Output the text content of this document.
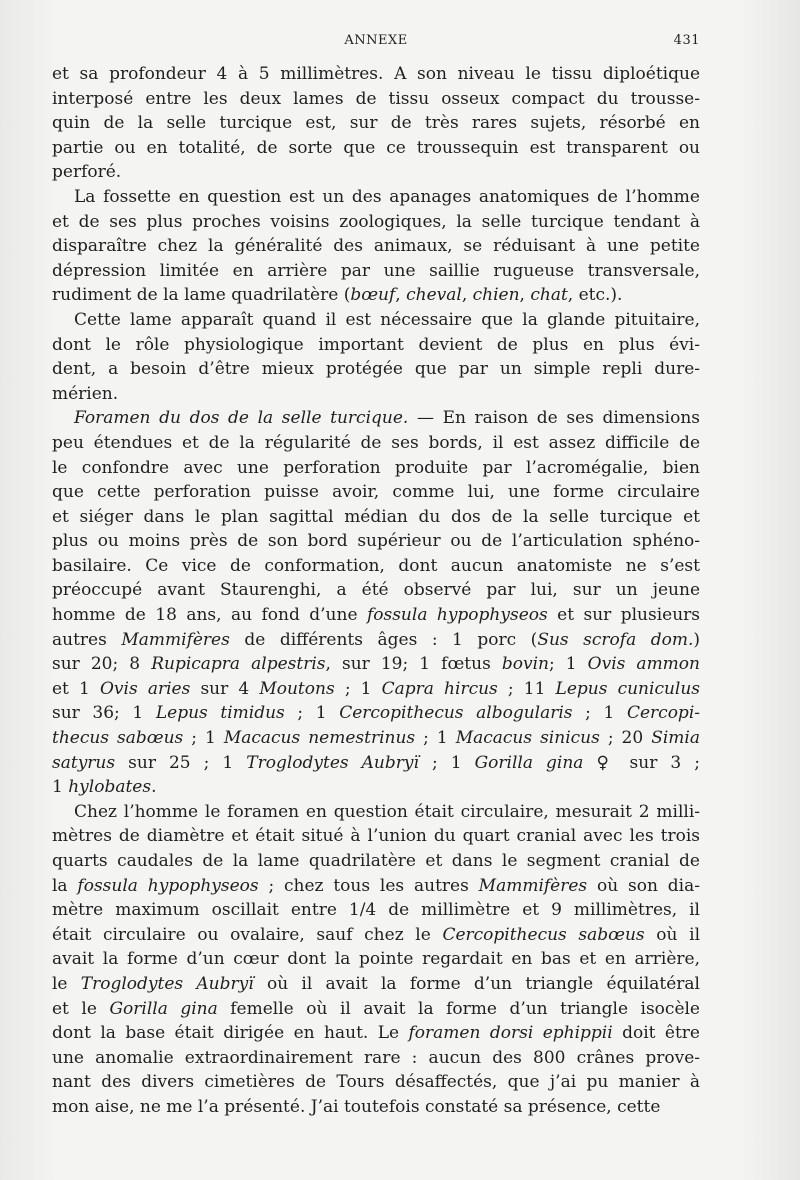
ANNEXE	431
et sa profondeur 4 à 5 millimètres. A son niveau le tissu diploétique
interposé entre les deux lames de tissu osseux compact du trousse-
quin de la selle turcique est, sur de très rares sujets, résorbé en
partie ou en totalité, de sorte que ce troussequin est transparent ou
perforé.
La fossette en question est un des apanages anatomiques de l’homme
et de ses plus proches voisins zoologiques, la selle turcique tendant à
disparaître chez la généralité des animaux, se réduisant à une petite
dépression limitée en arrière par une saillie rugueuse transversale,
rudiment de la lame quadrilatère (bœuf, cheval, chien, chat, etc.).
Cette lame apparaît quand il est nécessaire que la glande pituitaire,
dont le rôle physiologique important devient de plus en plus évi-
dent, a besoin d’être mieux protégée que par un simple repli dure-
mérien.
Foramen du dos de la selle turcique. — En raison de ses dimensions
peu étendues et de la régularité de ses bords, il est assez difficile de
le confondre avec une perforation produite par l’acromégalie, bien
que cette perforation puisse avoir, comme lui, une forme circulaire
et siéger dans le plan sagittal médian du dos de la selle turcique et
plus ou moins près de son bord supérieur ou de l’articulation sphéno-
basilaire. Ce vice de conformation, dont aucun anatomiste ne s’est
préoccupé avant Staurenghi, a été observé par lui, sur un jeune
homme de 18 ans, au fond d’une fossula hypophyseos et sur plusieurs
autres Mammifères de différents âges : 1 porc (Sus scrofa dom.)
sur 20; 8 Rupicapra alpestris, sur 19; 1 fœtus bovin; 1 Ovis ammon
et 1 Ovis aries sur 4 Moutons ; 1 Capra hircus ; 11 Lepus cuniculus
sur 36; 1 Lepus timidus ; 1 Cercopithecus albogularis ; 1 Cercopi-
thecus sabœus ; 1 Macacus nemestrinus ; 1 Macacus sinicus ; 20 Simia
satyrus sur 25 ; 1 Troglodytes Aubryï ; 1 Gorilla gina ♀ sur 3 ;
1 hylobates.
Chez l’homme le foramen en question était circulaire, mesurait 2 milli-
mètres de diamètre et était situé à l’union du quart cranial avec les trois
quarts caudales de la lame quadrilatère et dans le segment cranial de
la fossula hypophyseos ; chez tous les autres Mammifères où son dia-
mètre maximum oscillait entre 1/4 de millimètre et 9 millimètres, il
était circulaire ou ovalaire, sauf chez le Cercopithecus sabœus où il
avait la forme d’un cœur dont la pointe regardait en bas et en arrière,
le Troglodytes Aubryï où il avait la forme d’un triangle équilatéral
et le Gorilla gina femelle où il avait la forme d’un triangle isocèle
dont la base était dirigée en haut. Le foramen dorsi ephippii doit être
une anomalie extraordinairement rare : aucun des 800 crânes prove-
nant des divers cimetières de Tours désaffectés, que j’ai pu manier à
mon aise, ne me l’a présenté. J’ai toutefois constaté sa présence, cette
